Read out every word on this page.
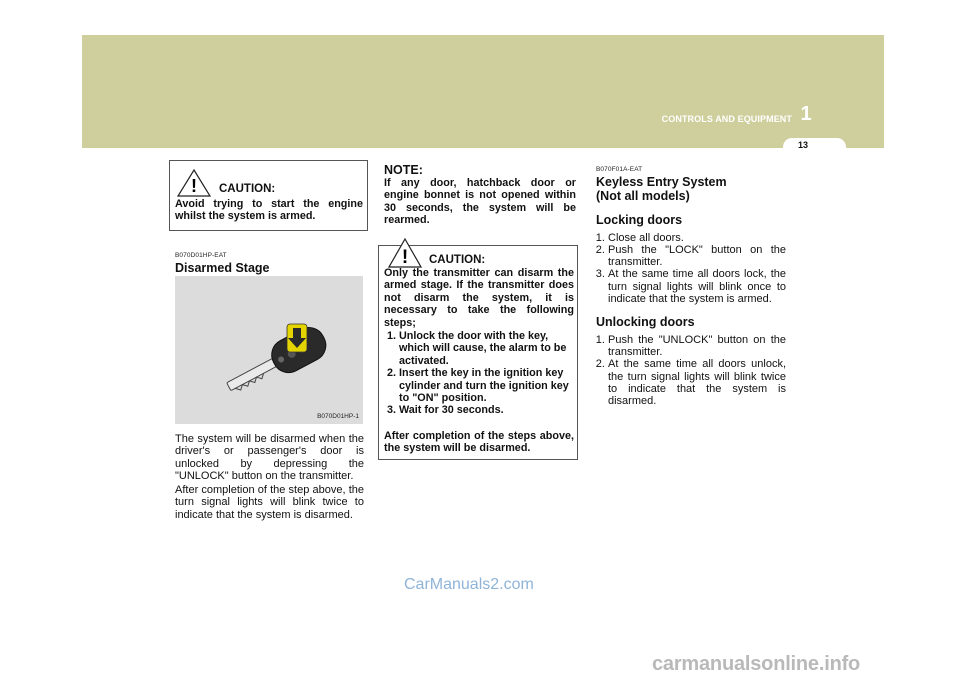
1
CONTROLS AND EQUIPMENT
13
! CAUTION:
Avoid trying to start the engine whilst the system is armed.
B070D01HP-EAT
Disarmed Stage
B070D01HP-1
The system will be disarmed when the driver's or passenger's door is unlocked by depressing the "UNLOCK" button on the transmitter.
After completion of the step above, the turn signal lights will blink twice to indicate that the system is disarmed.
NOTE:
If any door, hatchback door or engine bonnet is not opened within 30 seconds, the system will be rearmed.
! CAUTION:
Only the transmitter can disarm the armed stage. If the transmitter does not disarm the system, it is necessary to take the following steps;
1. Unlock the door with the key, which will cause, the alarm to be activated.
2. Insert the key in the ignition key cylinder and turn the ignition key to "ON" position.
3. Wait for 30 seconds.
After completion of the steps above, the system will be disarmed.
B070F01A-EAT
Keyless Entry System (Not all models)
Locking doors
1. Close all doors.
2. Push the "LOCK" button on the transmitter.
3. At the same time all doors lock, the turn signal lights will blink once to indicate that the system is armed.
Unlocking doors
1. Push the "UNLOCK" button on the transmitter.
2. At the same time all doors unlock, the turn signal lights will blink twice to indicate that the system is disarmed.
CarManuals2.com
carmanualsonline.info
